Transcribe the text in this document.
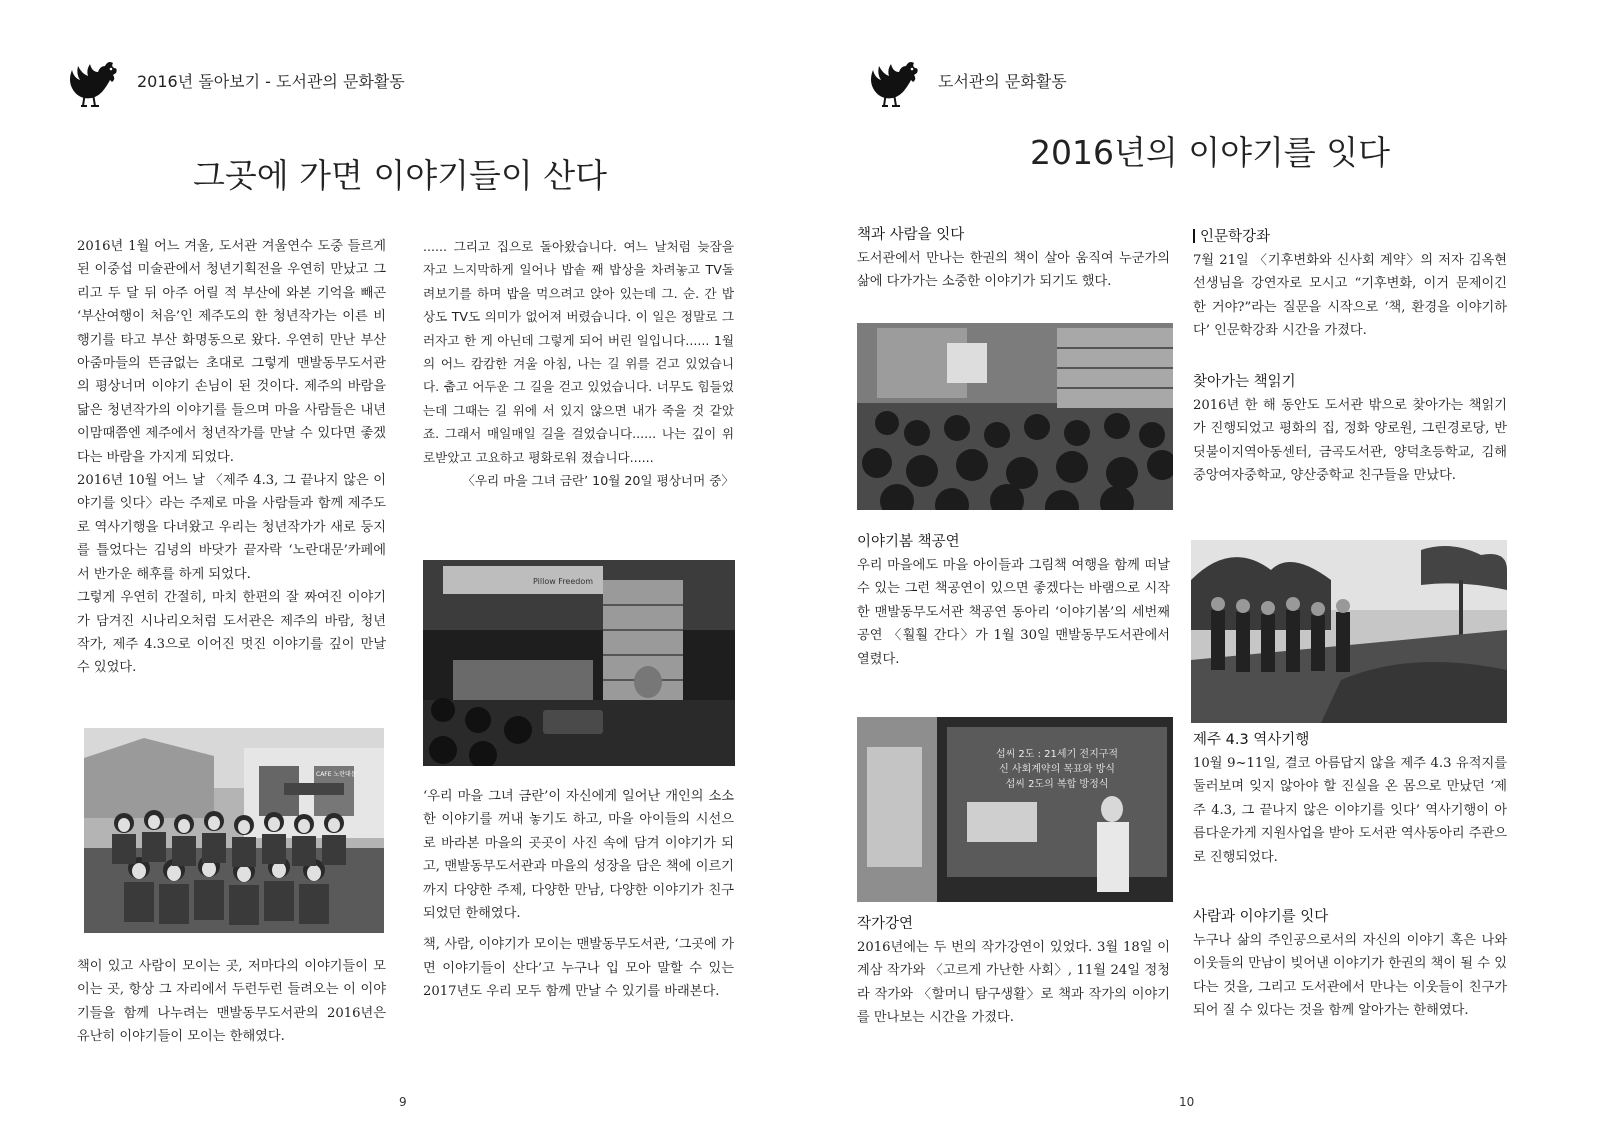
2016년 돌아보기 - 도서관의 문화활동
그곳에 가면 이야기들이 산다

2016년 1월 어느 겨울, 도서관 겨울연수 도중 들르게 된 이중섭 미술관에서 청년기획전을 우연히 만났고 그리고 두 달 뒤 아주 어릴 적 부산에 와본 기억을 빼곤 ‘부산여행이 처음’인 제주도의 한 청년작가는 이른 비행기를 타고 부산 화명동으로 왔다. 우연히 만난 부산 아줌마들의 뜬금없는 초대로 그렇게 맨발동무도서관의 평상너머 이야기 손님이 된 것이다. 제주의 바람을 닮은 청년작가의 이야기를 들으며 마을 사람들은 내년 이맘때쯤엔 제주에서 청년작가를 만날 수 있다면 좋겠다는 바람을 가지게 되었다.

2016년 10월 어느 날 〈제주 4.3, 그 끝나지 않은 이야기를 잇다〉라는 주제로 마을 사람들과 함께 제주도로 역사기행을 다녀왔고 우리는 청년작가가 새로 둥지를 틀었다는 김녕의 바닷가 끝자락 ‘노란대문’카페에서 반가운 해후를 하게 되었다.

그렇게 우연히 간절히, 마치 한편의 잘 짜여진 이야기가 담겨진 시나리오처럼 도서관은 제주의 바람, 청년작가, 제주 4.3으로 이어진 멋진 이야기를 깊이 만날 수 있었다.

CAFE 노란대문

책이 있고 사람이 모이는 곳, 저마다의 이야기들이 모이는 곳, 항상 그 자리에서 두런두런 들려오는 이 이야기들을 함께 나누려는 맨발동무도서관의 2016년은 유난히 이야기들이 모이는 한해였다.

...... 그리고 집으로 돌아왔습니다. 여느 날처럼 늦잠을 자고 느지막하게 일어나 밥솥 째 밥상을 차려놓고 TV돌려보기를 하며 밥을 먹으려고 앉아 있는데 그. 순. 간 밥상도 TV도 의미가 없어져 버렸습니다. 이 일은 정말로 그러자고 한 게 아닌데 그렇게 되어 버린 일입니다...... 1월의 어느 캄캄한 겨울 아침, 나는 길 위를 걷고 있었습니다. 춥고 어두운 그 길을 걷고 있었습니다. 너무도 힘들었는데 그때는 길 위에 서 있지 않으면 내가 죽을 것 같았죠. 그래서 매일매일 길을 걸었습니다...... 나는 깊이 위로받았고 고요하고 평화로워 졌습니다......

〈우리 마을 그녀 금란’ 10월 20일 평상너머 중〉

Pillow Freedom

‘우리 마을 그녀 금란’이 자신에게 일어난 개인의 소소한 이야기를 꺼내 놓기도 하고, 마을 아이들의 시선으로 바라본 마을의 곳곳이 사진 속에 담겨 이야기가 되고, 맨발동무도서관과 마을의 성장을 담은 책에 이르기까지 다양한 주제, 다양한 만남, 다양한 이야기가 친구 되었던 한해였다.

책, 사람, 이야기가 모이는 맨발동무도서관, ‘그곳에 가면 이야기들이 산다’고 누구나 입 모아 말할 수 있는 2017년도 우리 모두 함께 만날 수 있기를 바래본다.

9
도서관의 문화활동
2016년의 이야기를 잇다
책과 사람을 잇다

도서관에서 만나는 한권의 책이 살아 움직여 누군가의 삶에 다가가는 소중한 이야기가 되기도 했다.

이야기봄 책공연

우리 마을에도 마을 아이들과 그림책 여행을 함께 떠날 수 있는 그런 책공연이 있으면 좋겠다는 바램으로 시작한 맨발동무도서관 책공연 동아리 ‘이야기봄’의 세번째 공연 〈훨훨 간다〉가 1월 30일 맨발동무도서관에서 열렸다.

섭씨 2도 : 21세기 전지구적
신 사회계약의 목표와 방식
섭씨 2도의 복합 방정식
작가강연

2016년에는 두 번의 작가강연이 있었다. 3월 18일 이계삼 작가와 〈고르게 가난한 사회〉, 11월 24일 정청라 작가와 〈할머니 탐구생활〉로 책과 작가의 이야기를 만나보는 시간을 가졌다.

인문학강좌

7월 21일 〈기후변화와 신사회 계약〉의 저자 김옥현 선생님을 강연자로 모시고 “기후변화, 이거 문제이긴 한 거야?”라는 질문을 시작으로 ‘책, 환경을 이야기하다’ 인문학강좌 시간을 가졌다.

찾아가는 책읽기

2016년 한 해 동안도 도서관 밖으로 찾아가는 책읽기가 진행되었고 평화의 집, 정화 양로원, 그린경로당, 반딧불이지역아동센터, 금곡도서관, 양덕초등학교, 김해중앙여자중학교, 양산중학교 친구들을 만났다.

제주 4.3 역사기행

10월 9~11일, 결코 아름답지 않을 제주 4.3 유적지를 둘러보며 잊지 않아야 할 진실을 온 몸으로 만났던 ‘제주 4.3, 그 끝나지 않은 이야기를 잇다’ 역사기행이 아름다운가게 지원사업을 받아 도서관 역사동아리 주관으로 진행되었다.

사람과 이야기를 잇다

누구나 삶의 주인공으로서의 자신의 이야기 혹은 나와 이웃들의 만남이 빚어낸 이야기가 한권의 책이 될 수 있다는 것을, 그리고 도서관에서 만나는 이웃들이 친구가 되어 질 수 있다는 것을 함께 알아가는 한해였다.

10
